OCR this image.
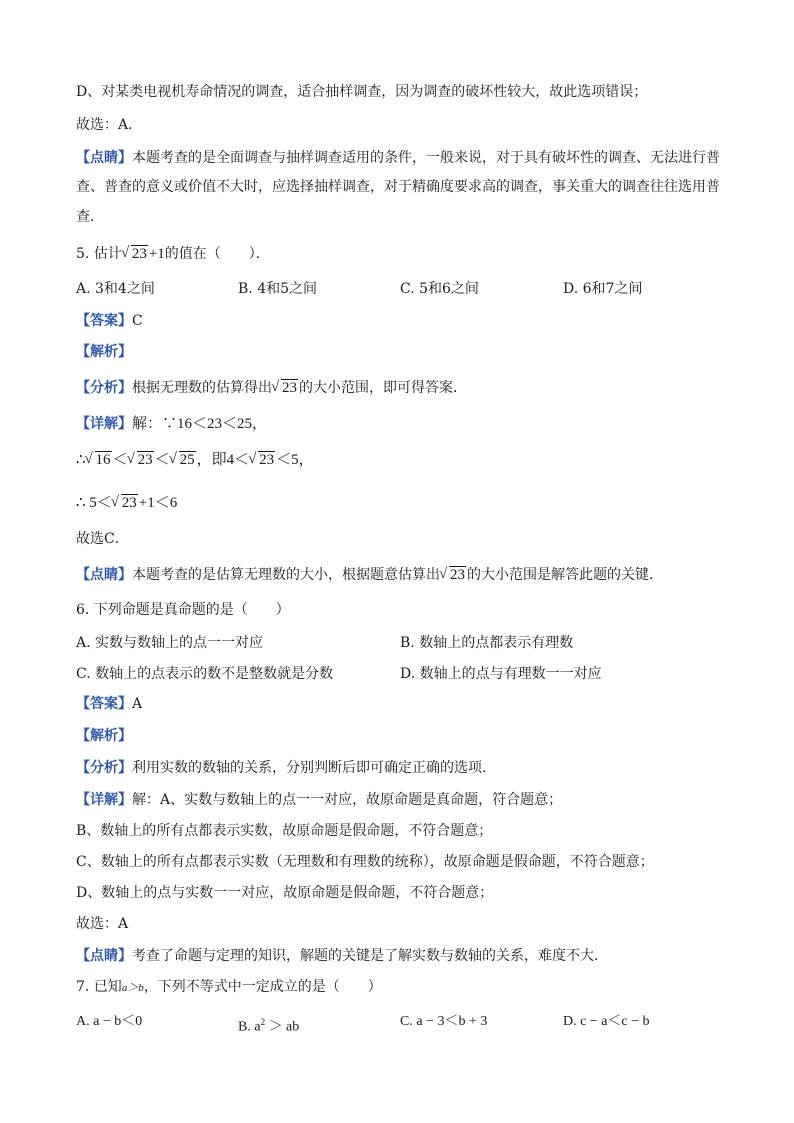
D、对某类电视机寿命情况的调查，适合抽样调查，因为调查的破坏性较大，故此选项错误；
故选：A．
【点睛】本题考查的是全面调查与抽样调查适用的条件，一般来说，对于具有破坏性的调查、无法进行普
查、普查的意义或价值不大时，应选择抽样调查，对于精确度要求高的调查，事关重大的调查往往选用普
查．
5. 估计 √ 23 +1的值在（　　）．
A. 3和4之间	B. 4和5之间	C. 5和6之间	D. 6和7之间
【答案】C
【解析】
【分析】根据无理数的估算得出 √ 23 的大小范围，即可得答案．
【详解】解：∵16＜23＜25，
∴ √ 16 ＜ √ 23 ＜ √ 25 ，即4＜ √ 23 ＜5，
∴ 5＜ √ 23 +1＜6
故选C．
【点睛】本题考查的是估算无理数的大小，根据题意估算出 √ 23 的大小范围是解答此题的关键．
6. 下列命题是真命题的是（　　）
A. 实数与数轴上的点一一对应	B. 数轴上的点都表示有理数
C. 数轴上的点表示的数不是整数就是分数	D. 数轴上的点与有理数一一对应
【答案】A
【解析】
【分析】利用实数的数轴的关系，分别判断后即可确定正确的选项．
【详解】解：A、实数与数轴上的点一一对应，故原命题是真命题，符合题意；
B、数轴上的所有点都表示实数，故原命题是假命题，不符合题意；
C、数轴上的所有点都表示实数（无理数和有理数的统称），故原命题是假命题，不符合题意；
D、数轴上的点与实数一一对应，故原命题是假命题，不符合题意；
故选：A
【点睛】考查了命题与定理的知识，解题的关键是了解实数与数轴的关系，难度不大．
7. 已知a＞b，下列不等式中一定成立的是（　　）
A. a − b＜0	B. $a^2$ ＞ ab	C. a − 3＜b + 3	D. c − a＜c − b
